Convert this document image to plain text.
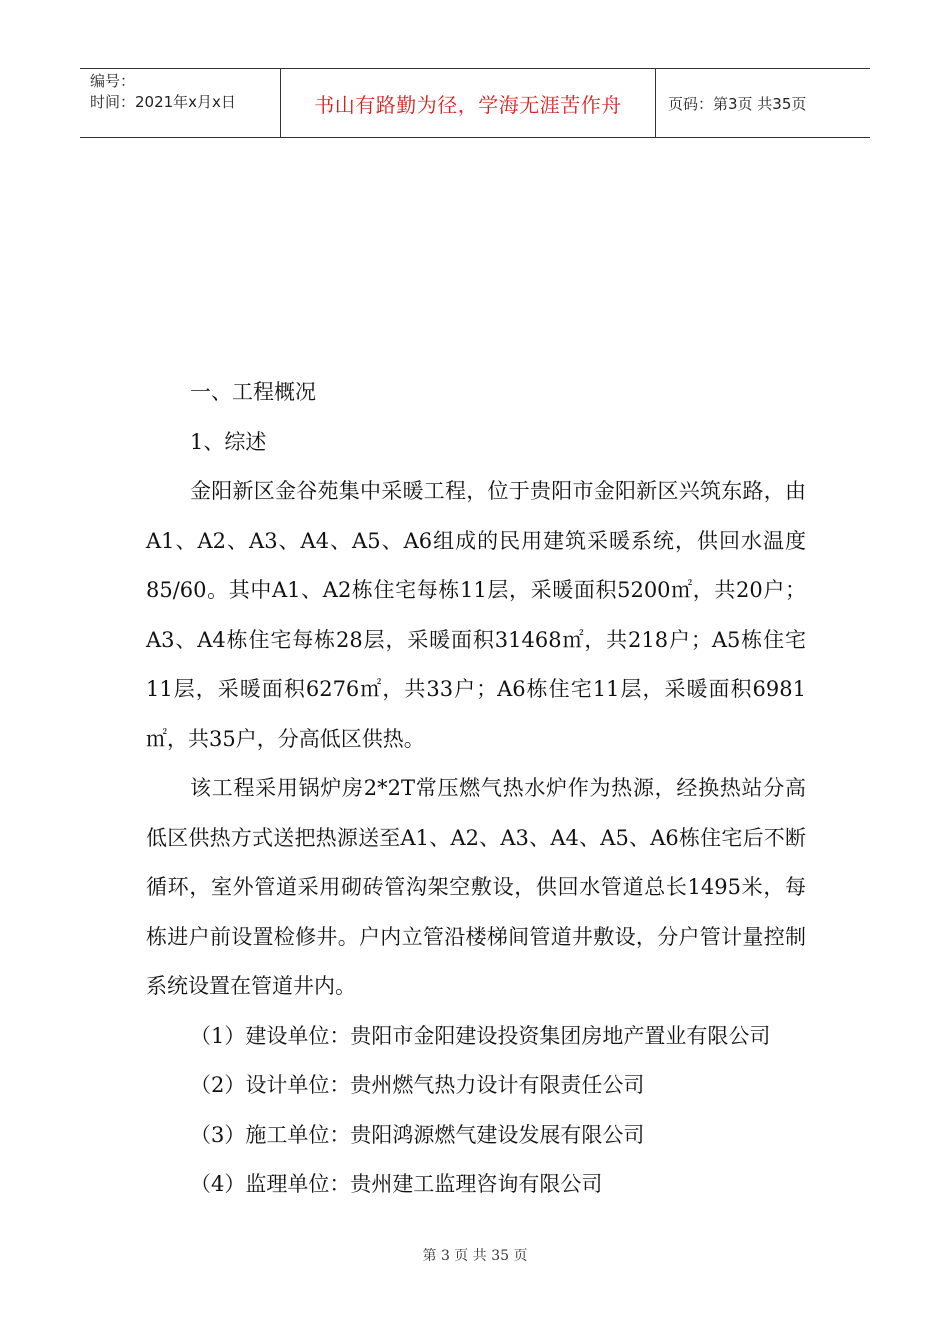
编号：
时间：2021年x月x日	书山有路勤为径，学海无涯苦作舟	页码：第3页 共35页

一、工程概况

1、综述

金阳新区金谷苑集中采暖工程，位于贵阳市金阳新区兴筑东路，由A1、A2、A3、A4、A5、A6组成的民用建筑采暖系统，供回水温度85/60。其中A1、A2栋住宅每栋11层，采暖面积5200㎡，共20户；A3、A4栋住宅每栋28层，采暖面积31468㎡，共218户；A5栋住宅11层，采暖面积6276㎡，共33户；A6栋住宅11层，采暖面积6981㎡，共35户，分高低区供热。

该工程采用锅炉房2*2T常压燃气热水炉作为热源，经换热站分高低区供热方式送把热源送至A1、A2、A3、A4、A5、A6栋住宅后不断循环，室外管道采用砌砖管沟架空敷设，供回水管道总长1495米，每栋进户前设置检修井。户内立管沿楼梯间管道井敷设，分户管计量控制系统设置在管道井内。

（1）建设单位：贵阳市金阳建设投资集团房地产置业有限公司

（2）设计单位：贵州燃气热力设计有限责任公司

（3）施工单位：贵阳鸿源燃气建设发展有限公司

（4）监理单位：贵州建工监理咨询有限公司

第 3 页 共 35 页
